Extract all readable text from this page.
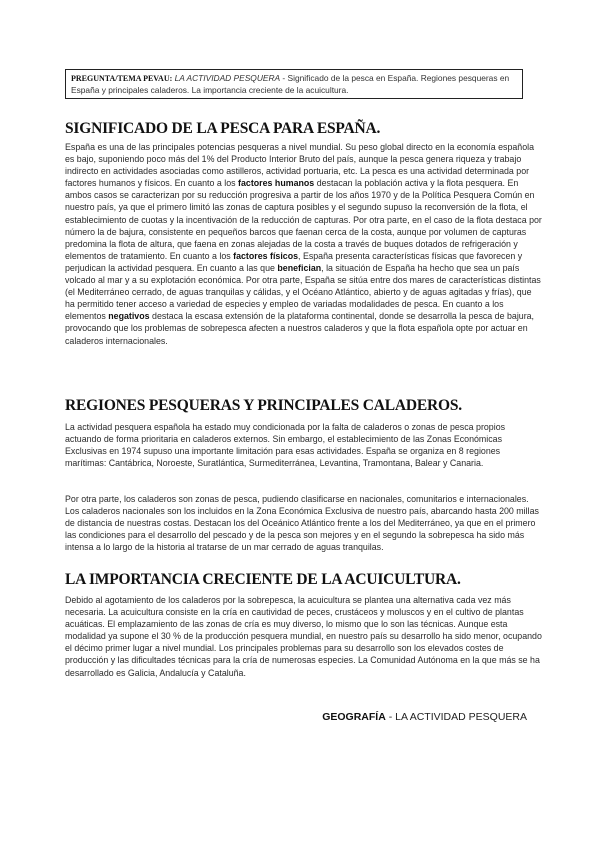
PREGUNTA/TEMA PEVAU: LA ACTIVIDAD PESQUERA - Significado de la pesca en España. Regiones pesqueras en España y principales caladeros. La importancia creciente de la acuicultura.
SIGNIFICADO DE LA PESCA PARA ESPAÑA.

España es una de las principales potencias pesqueras a nivel mundial. Su peso global directo en la economía española es bajo, suponiendo poco más del 1% del Producto Interior Bruto del país, aunque la pesca genera riqueza y trabajo indirecto en actividades asociadas como astilleros, actividad portuaria, etc. La pesca es una actividad determinada por factores humanos y físicos. En cuanto a los factores humanos destacan la población activa y la flota pesquera. En ambos casos se caracterizan por su reducción progresiva a partir de los años 1970 y de la Política Pesquera Común en nuestro país, ya que el primero limitó las zonas de captura posibles y el segundo supuso la reconversión de la flota, el establecimiento de cuotas y la incentivación de la reducción de capturas. Por otra parte, en el caso de la flota destaca por número la de bajura, consistente en pequeños barcos que faenan cerca de la costa, aunque por volumen de capturas predomina la flota de altura, que faena en zonas alejadas de la costa a través de buques dotados de refrigeración y elementos de tratamiento. En cuanto a los factores físicos, España presenta características físicas que favorecen y perjudican la actividad pesquera. En cuanto a las que benefician, la situación de España ha hecho que sea un país volcado al mar y a su explotación económica. Por otra parte, España se sitúa entre dos mares de características distintas (el Mediterráneo cerrado, de aguas tranquilas y cálidas, y el Océano Atlántico, abierto y de aguas agitadas y frías), que ha permitido tener acceso a variedad de especies y empleo de variadas modalidades de pesca. En cuanto a los elementos negativos destaca la escasa extensión de la plataforma continental, donde se desarrolla la pesca de bajura, provocando que los problemas de sobrepesca afecten a nuestros caladeros y que la flota española opte por actuar en caladeros internacionales.

REGIONES PESQUERAS Y PRINCIPALES CALADEROS.

La actividad pesquera española ha estado muy condicionada por la falta de caladeros o zonas de pesca propios actuando de forma prioritaria en caladeros externos. Sin embargo, el establecimiento de las Zonas Económicas Exclusivas en 1974 supuso una importante limitación para esas actividades. España se organiza en 8 regiones marítimas: Cantábrica, Noroeste, Suratlántica, Surmediterránea, Levantina, Tramontana, Balear y Canaria.

Por otra parte, los caladeros son zonas de pesca, pudiendo clasificarse en nacionales, comunitarios e internacionales. Los caladeros nacionales son los incluidos en la Zona Económica Exclusiva de nuestro país, abarcando hasta 200 millas de distancia de nuestras costas. Destacan los del Oceánico Atlántico frente a los del Mediterráneo, ya que en el primero las condiciones para el desarrollo del pescado y de la pesca son mejores y en el segundo la sobrepesca ha sido más intensa a lo largo de la historia al tratarse de un mar cerrado de aguas tranquilas.

LA IMPORTANCIA CRECIENTE DE LA ACUICULTURA.

Debido al agotamiento de los caladeros por la sobrepesca, la acuicultura se plantea una alternativa cada vez más necesaria. La acuicultura consiste en la cría en cautividad de peces, crustáceos y moluscos y en el cultivo de plantas acuáticas. El emplazamiento de las zonas de cría es muy diverso, lo mismo que lo son las técnicas. Aunque esta modalidad ya supone el 30 % de la producción pesquera mundial, en nuestro país su desarrollo ha sido menor, ocupando el décimo primer lugar a nivel mundial. Los principales problemas para su desarrollo son los elevados costes de producción y las dificultades técnicas para la cría de numerosas especies. La Comunidad Autónoma en la que más se ha desarrollado es Galicia, Andalucía y Cataluña.

GEOGRAFÍA - LA ACTIVIDAD PESQUERA
